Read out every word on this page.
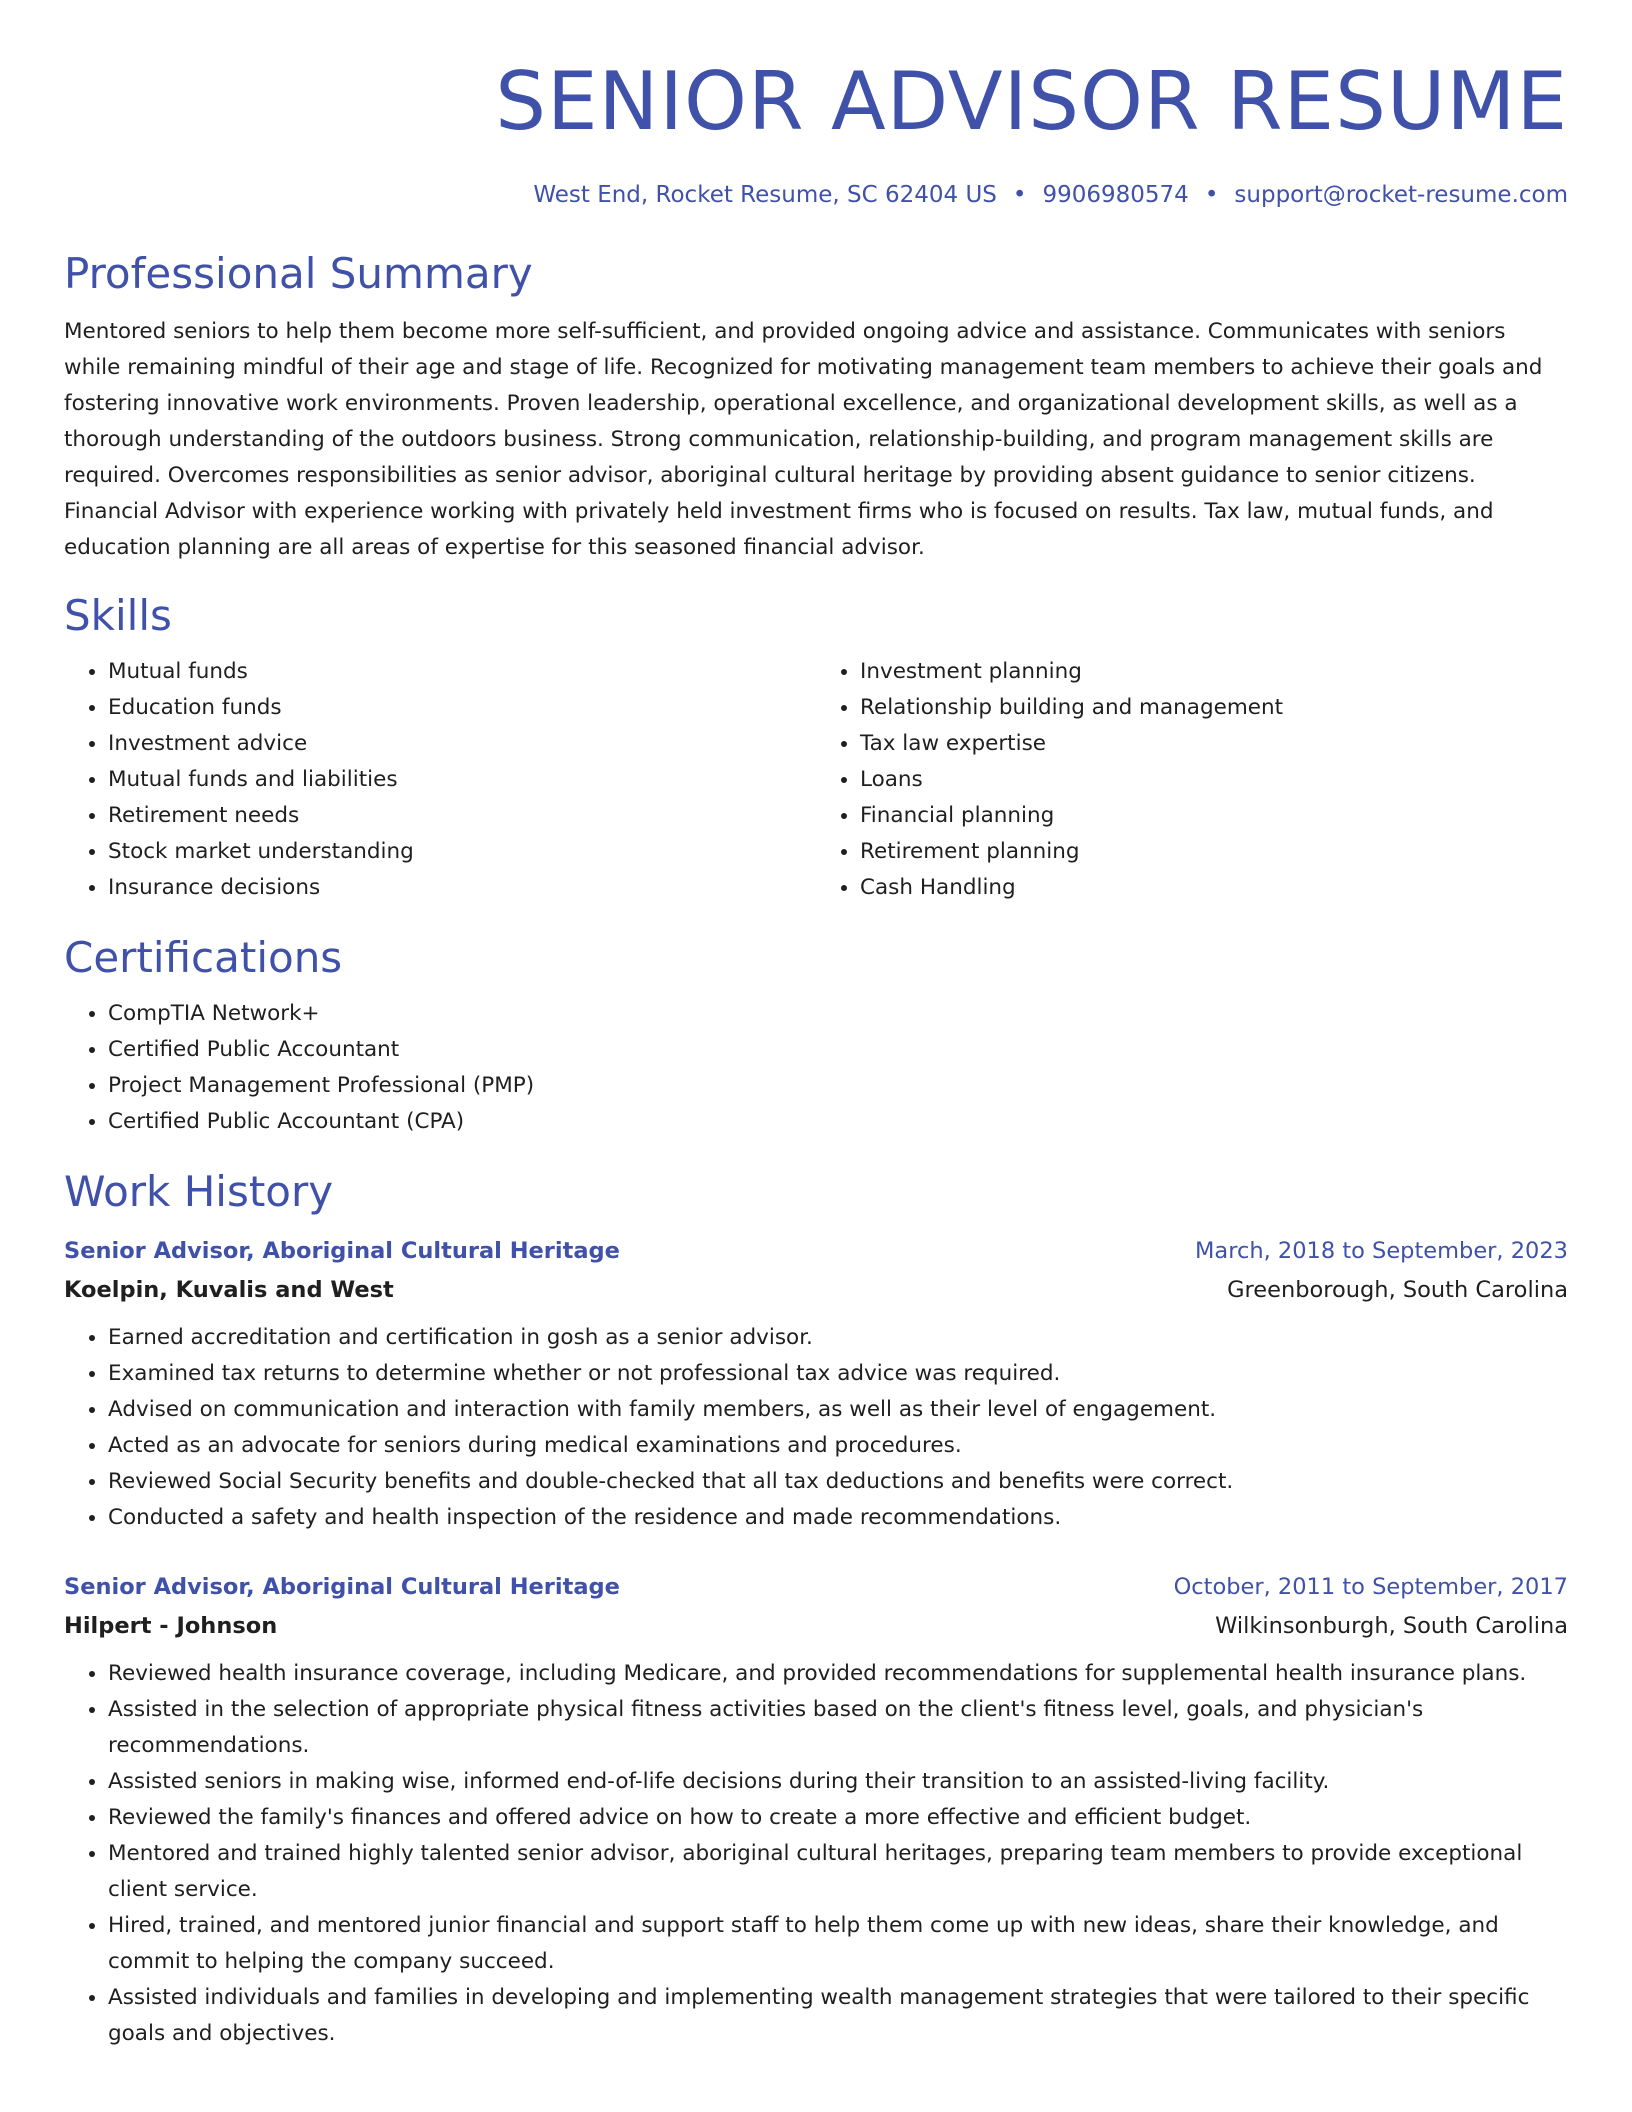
SENIOR ADVISOR RESUME
West End, Rocket Resume, SC 62404 US • 9906980574 • support@rocket-resume.com
Professional Summary
Mentored seniors to help them become more self-sufficient, and provided ongoing advice and assistance. Communicates with seniors while remaining mindful of their age and stage of life. Recognized for motivating management team members to achieve their goals and fostering innovative work environments. Proven leadership, operational excellence, and organizational development skills, as well as a thorough understanding of the outdoors business. Strong communication, relationship-building, and program management skills are required. Overcomes responsibilities as senior advisor, aboriginal cultural heritage by providing absent guidance to senior citizens. Financial Advisor with experience working with privately held investment firms who is focused on results. Tax law, mutual funds, and education planning are all areas of expertise for this seasoned financial advisor.
Skills
• Mutual funds
• Education funds
• Investment advice
• Mutual funds and liabilities
• Retirement needs
• Stock market understanding
• Insurance decisions
• Investment planning
• Relationship building and management
• Tax law expertise
• Loans
• Financial planning
• Retirement planning
• Cash Handling
Certifications
• CompTIA Network+
• Certified Public Accountant
• Project Management Professional (PMP)
• Certified Public Accountant (CPA)
Work History
Senior Advisor, Aboriginal Cultural Heritage	March, 2018 to September, 2023
Koelpin, Kuvalis and West	Greenborough, South Carolina
• Earned accreditation and certification in gosh as a senior advisor.
• Examined tax returns to determine whether or not professional tax advice was required.
• Advised on communication and interaction with family members, as well as their level of engagement.
• Acted as an advocate for seniors during medical examinations and procedures.
• Reviewed Social Security benefits and double-checked that all tax deductions and benefits were correct.
• Conducted a safety and health inspection of the residence and made recommendations.
Senior Advisor, Aboriginal Cultural Heritage	October, 2011 to September, 2017
Hilpert - Johnson	Wilkinsonburgh, South Carolina
• Reviewed health insurance coverage, including Medicare, and provided recommendations for supplemental health insurance plans.
• Assisted in the selection of appropriate physical fitness activities based on the client's fitness level, goals, and physician's recommendations.
• Assisted seniors in making wise, informed end-of-life decisions during their transition to an assisted-living facility.
• Reviewed the family's finances and offered advice on how to create a more effective and efficient budget.
• Mentored and trained highly talented senior advisor, aboriginal cultural heritages, preparing team members to provide exceptional client service.
• Hired, trained, and mentored junior financial and support staff to help them come up with new ideas, share their knowledge, and commit to helping the company succeed.
• Assisted individuals and families in developing and implementing wealth management strategies that were tailored to their specific goals and objectives.
